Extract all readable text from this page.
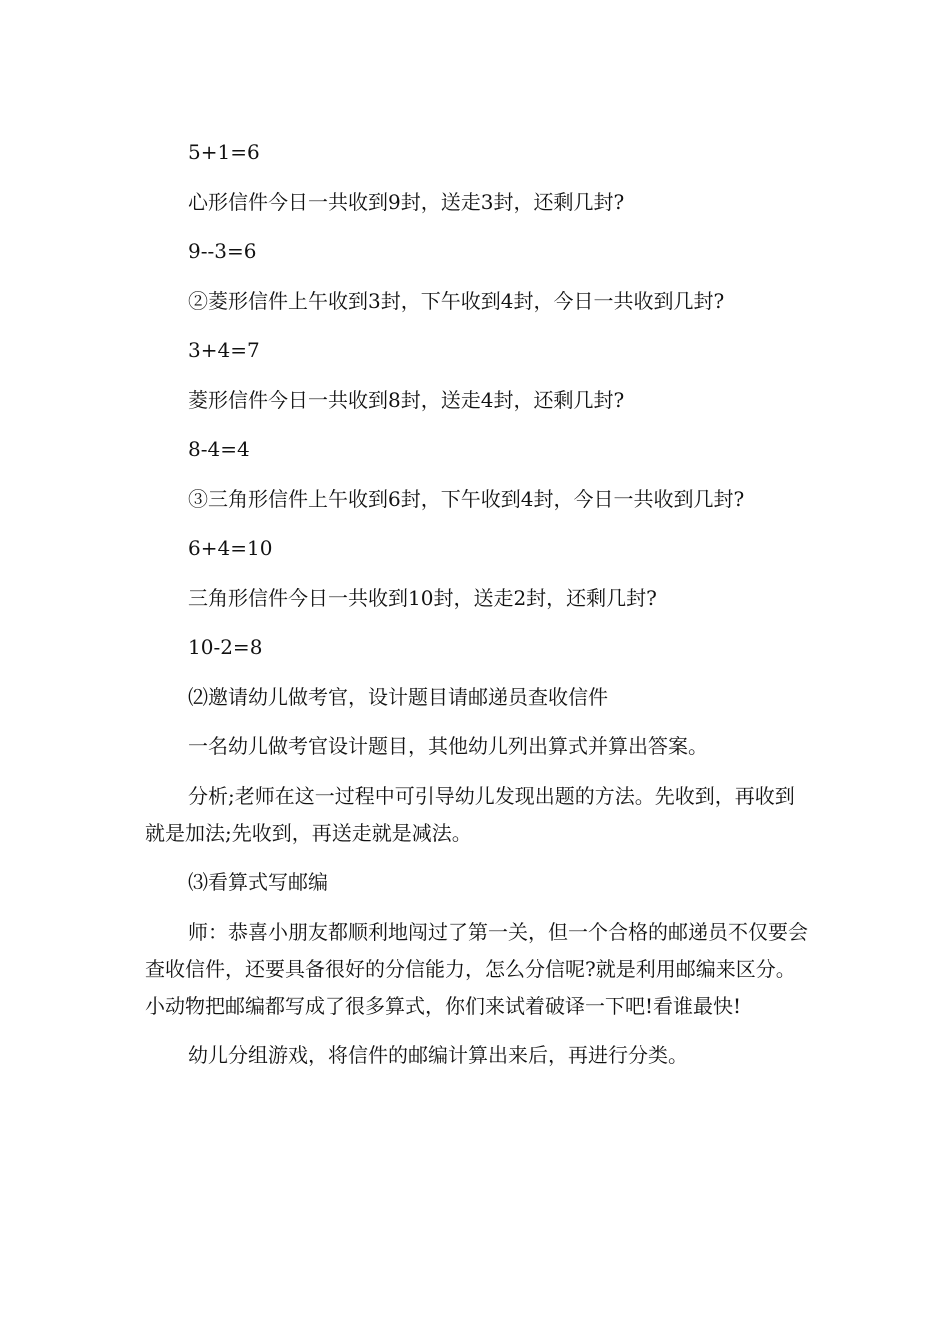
5+1=6

心形信件今日一共收到9封，送走3封，还剩几封?

9--3=6

②菱形信件上午收到3封，下午收到4封，今日一共收到几封?

3+4=7

菱形信件今日一共收到8封，送走4封，还剩几封?

8-4=4

③三角形信件上午收到6封，下午收到4封，今日一共收到几封?

6+4=10

三角形信件今日一共收到10封，送走2封，还剩几封?

10-2=8

⑵邀请幼儿做考官，设计题目请邮递员查收信件

一名幼儿做考官设计题目，其他幼儿列出算式并算出答案。

分析;老师在这一过程中可引导幼儿发现出题的方法。先收到，再收到就是加法;先收到，再送走就是减法。

⑶看算式写邮编

师：恭喜小朋友都顺利地闯过了第一关，但一个合格的邮递员不仅要会查收信件，还要具备很好的分信能力，怎么分信呢?就是利用邮编来区分。小动物把邮编都写成了很多算式，你们来试着破译一下吧!看谁最快!

幼儿分组游戏，将信件的邮编计算出来后，再进行分类。
